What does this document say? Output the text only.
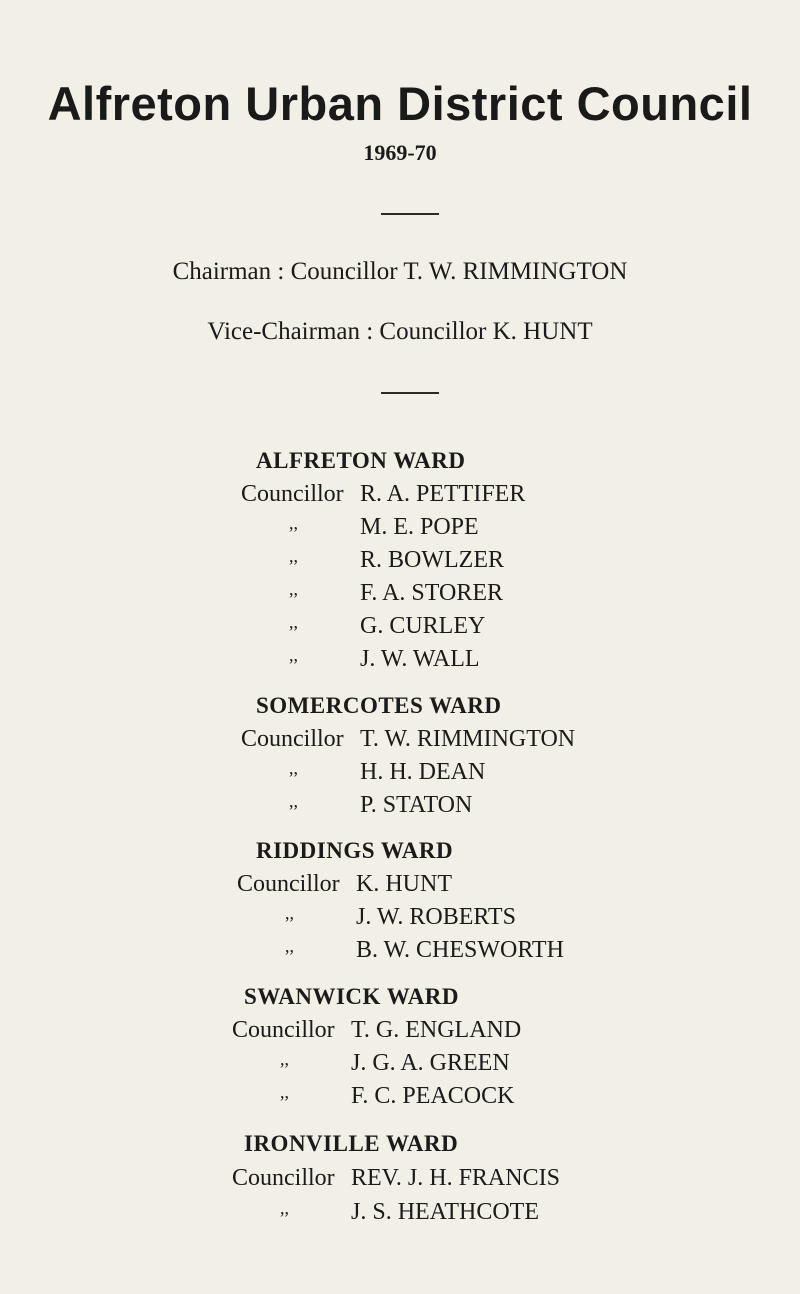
Alfreton Urban District Council
1969-70
Chairman : Councillor T. W. RIMMINGTON
Vice-Chairman : Councillor K. HUNT
ALFRETON WARD
Councillor R. A. PETTIFER
,,	M. E. POPE
,,	R. BOWLZER
,,	F. A. STORER
,,	G. CURLEY
,,	J. W. WALL
SOMERCOTES WARD
Councillor T. W. RIMMINGTON
,,	H. H. DEAN
,,	P. STATON
RIDDINGS WARD
Councillor K. HUNT
,,	J. W. ROBERTS
,,	B. W. CHESWORTH
SWANWICK WARD
Councillor T. G. ENGLAND
,,	J. G. A. GREEN
,,	F. C. PEACOCK
IRONVILLE WARD
Councillor REV. J. H. FRANCIS
,,	J. S. HEATHCOTE
